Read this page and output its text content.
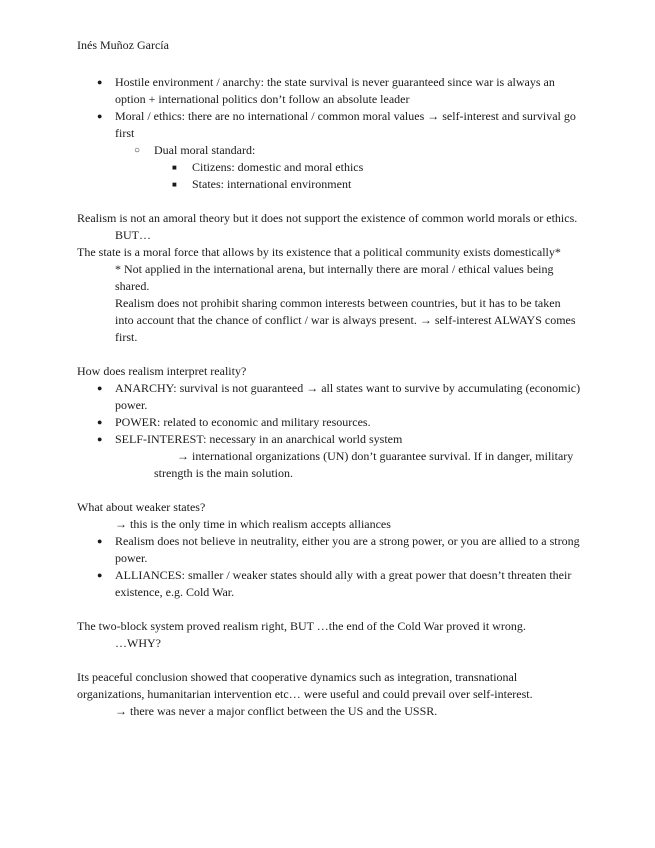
Inés Muñoz García
● Hostile environment / anarchy: the state survival is never guaranteed since war is always an option + international politics don’t follow an absolute leader
● Moral / ethics: there are no international / common moral values → self-interest and survival go first
○ Dual moral standard:
■ Citizens: domestic and moral ethics
■ States: international environment

Realism is not an amoral theory but it does not support the existence of common world morals or ethics.

BUT…

The state is a moral force that allows by its existence that a political community exists domestically*

* Not applied in the international arena, but internally there are moral / ethical values being shared.

Realism does not prohibit sharing common interests between countries, but it has to be taken into account that the chance of conflict / war is always present. → self-interest ALWAYS comes first.

How does realism interpret reality?

● ANARCHY: survival is not guaranteed → all states want to survive by accumulating (economic) power.
● POWER: related to economic and military resources.
● SELF-INTEREST: necessary in an anarchical world system

→ international organizations (UN) don’t guarantee survival. If in danger, military strength is the main solution.

What about weaker states?

→ this is the only time in which realism accepts alliances

● Realism does not believe in neutrality, either you are a strong power, or you are allied to a strong power.
● ALLIANCES: smaller / weaker states should ally with a great power that doesn’t threaten their existence, e.g. Cold War.

The two-block system proved realism right, BUT …the end of the Cold War proved it wrong.

…WHY?

Its peaceful conclusion showed that cooperative dynamics such as integration, transnational organizations, humanitarian intervention etc… were useful and could prevail over self-interest.

→ there was never a major conflict between the US and the USSR.
